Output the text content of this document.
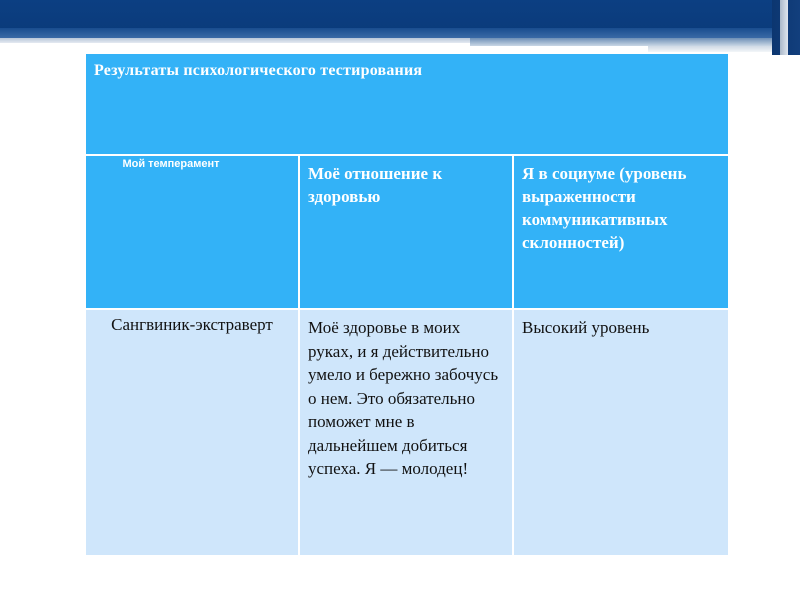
Результаты психологического тестирования
Мой темперамент	Моё отношение к здоровью
Я в социуме (уровень выраженности коммуникативных склонностей)
Сангвиник-экстраверт	Моё здоровье в моих руках, и я действительно умело и бережно забочусь о нем. Это обязательно поможет мне в дальнейшем добиться успеха. Я — молодец!
Высокий уровень
